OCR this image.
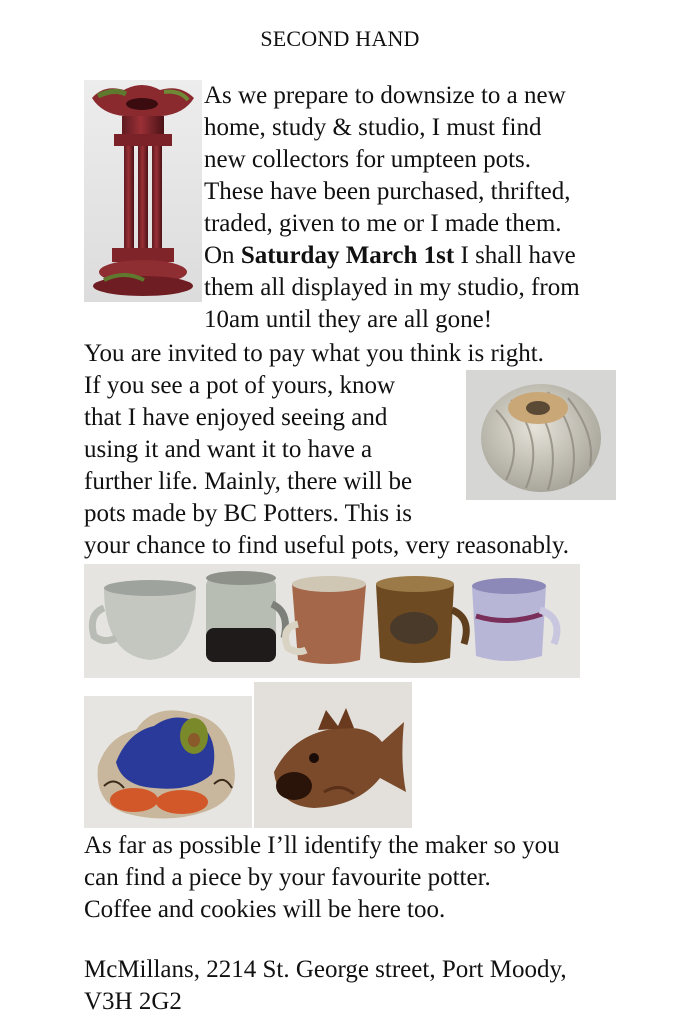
SECOND HAND
As we prepare to downsize to a new
home, study & studio, I must find
new collectors for umpteen pots.
These have been purchased, thrifted,
traded, given to me or I made them.
On Saturday March 1st I shall have
them all displayed in my studio, from
10am until they are all gone!
You are invited to pay what you think is right.
If you see a pot of yours, know
that I have enjoyed seeing and
using it and want it to have a
further life. Mainly, there will be
pots made by BC Potters. This is
your chance to find useful pots, very reasonably.
As far as possible I’ll identify the maker so you
can find a piece by your favourite potter.
Coffee and cookies will be here too.
McMillans, 2214 St. George street, Port Moody,
V3H 2G2
